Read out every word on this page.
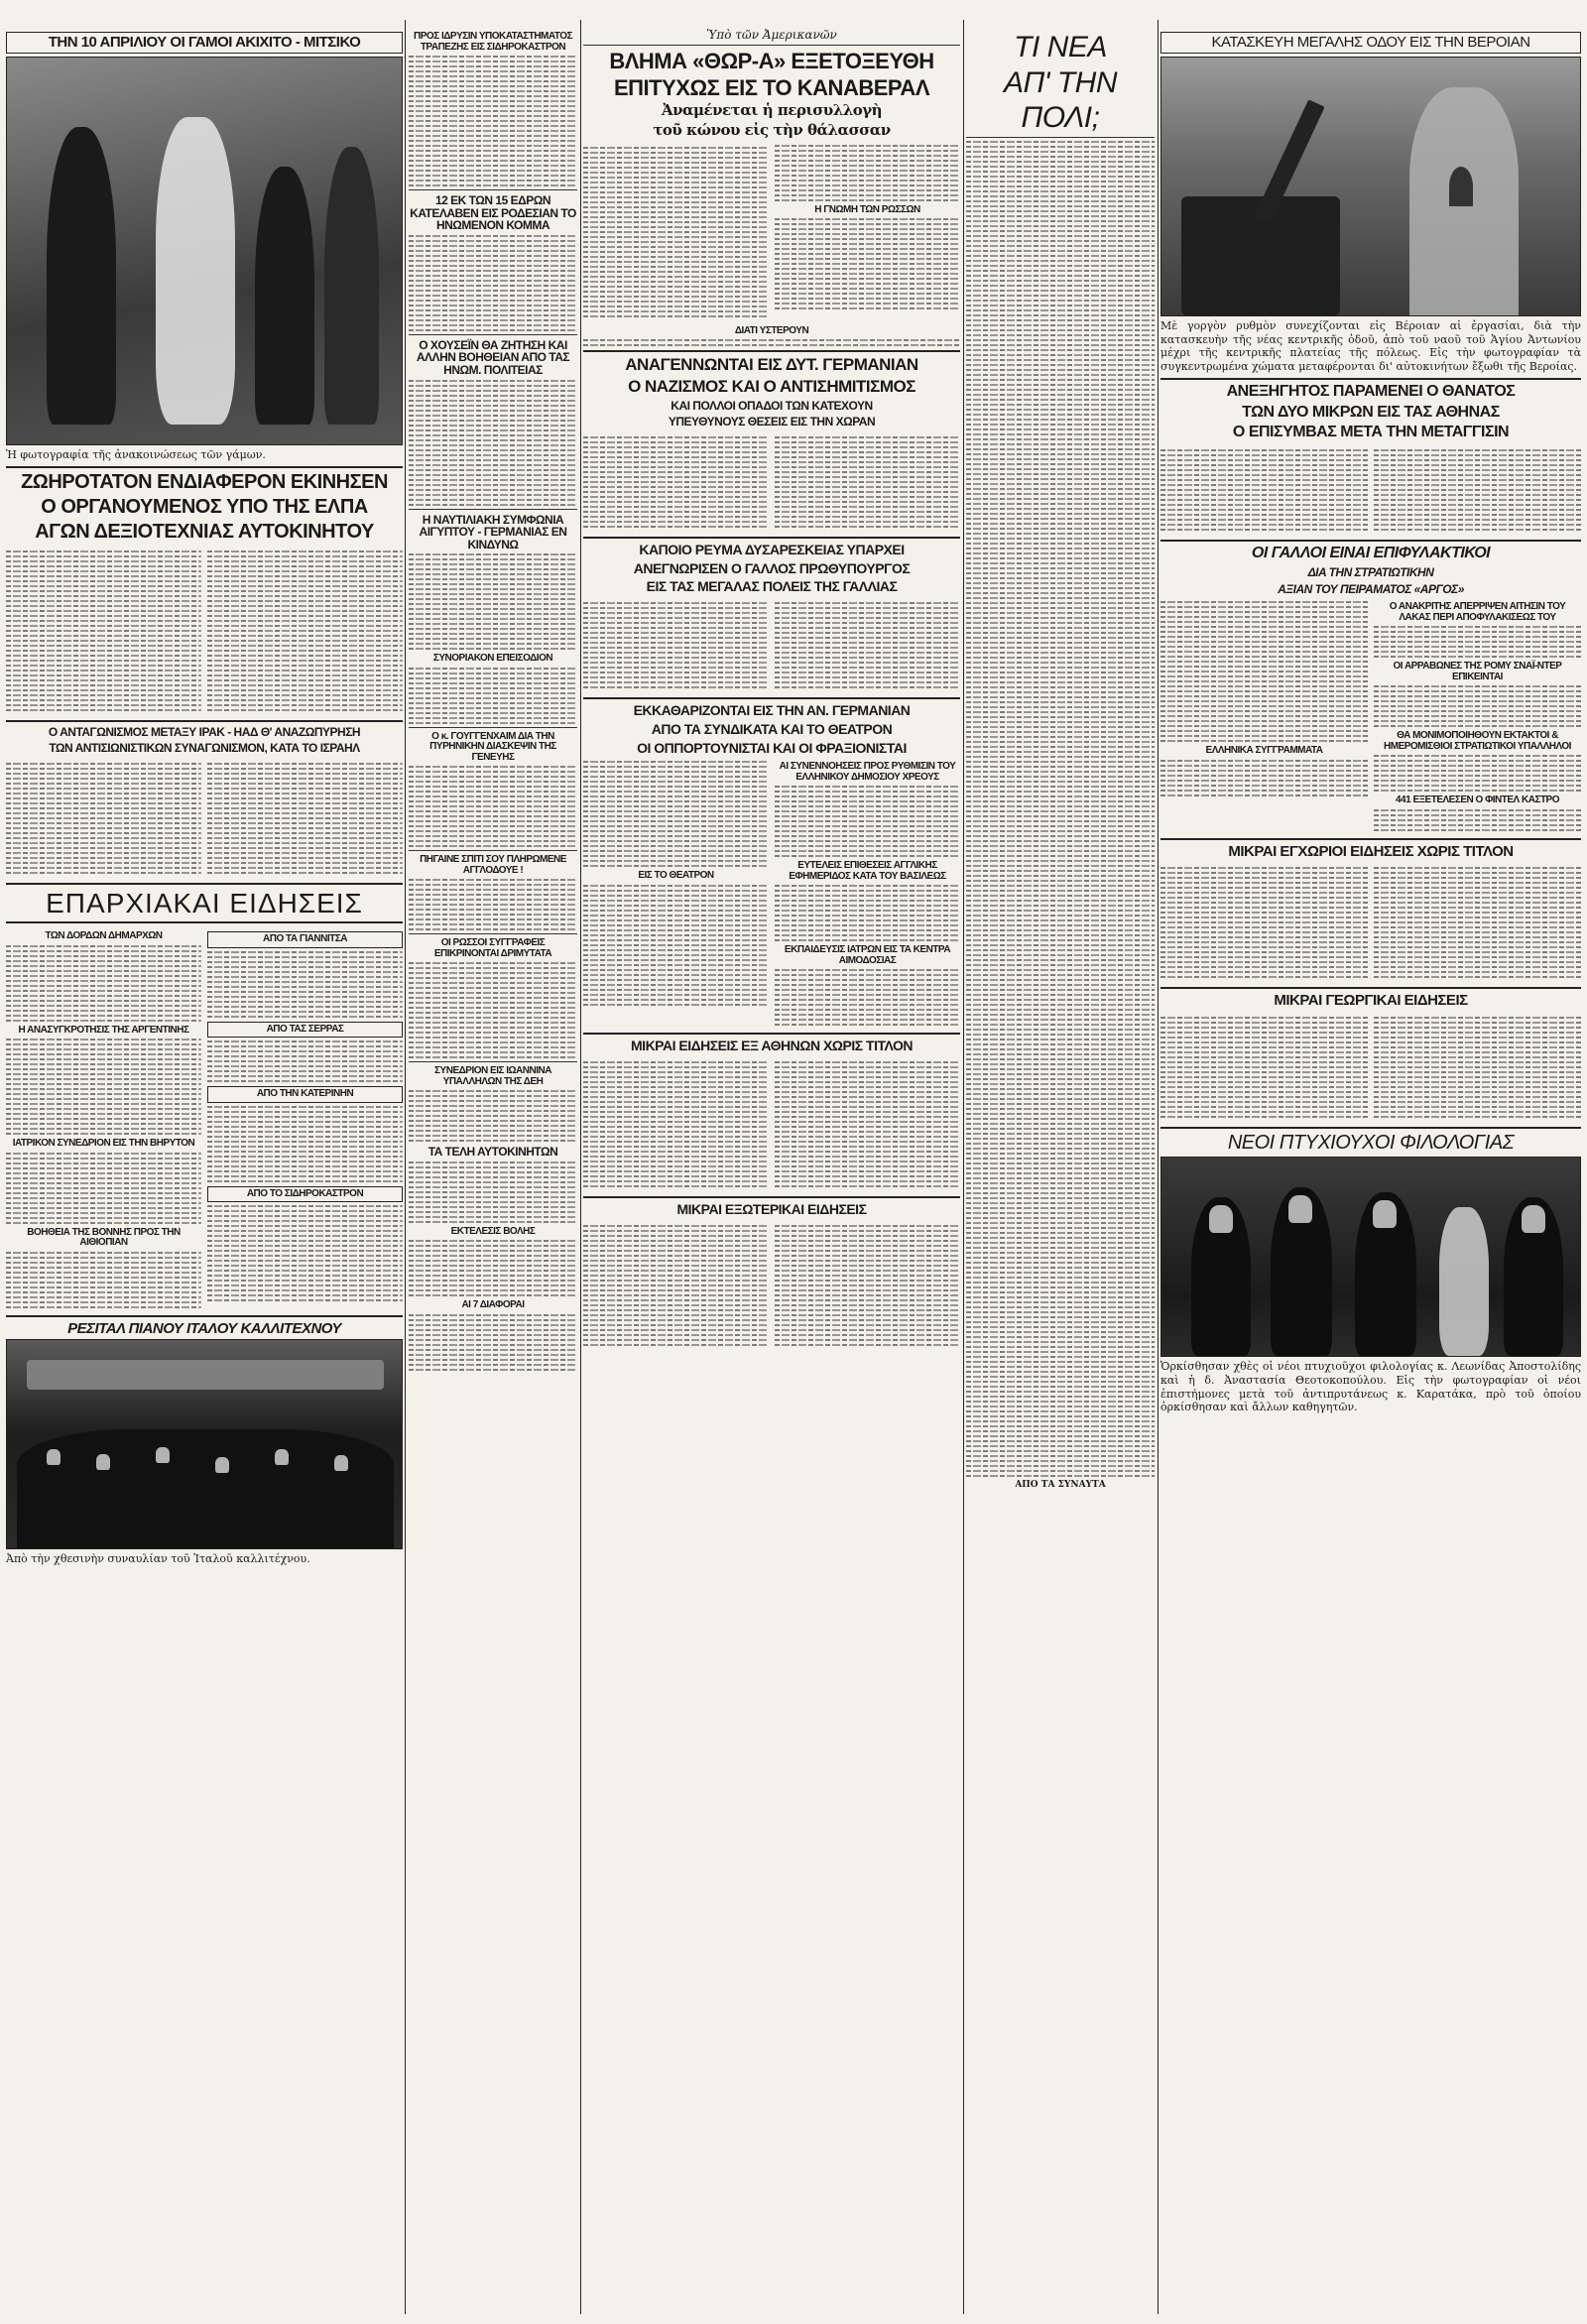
ΤΗΝ 10 ΑΠΡΙΛΙΟΥ ΟΙ ΓΑΜΟΙ ΑΚΙΧΙΤΟ - ΜΙΤΣΙΚΟ
Ἡ φωτογραφία τῆς ἀνακοινώσεως τῶν γάμων.
ΖΩΗΡΟΤΑΤΟΝ ΕΝΔΙΑΦΕΡΟΝ ΕΚΙΝΗΣΕΝ
Ο ΟΡΓΑΝΟΥΜΕΝΟΣ ΥΠΟ ΤΗΣ ΕΛΠΑ
ΑΓΩΝ ΔΕΞΙΟΤΕΧΝΙΑΣ ΑΥΤΟΚΙΝΗΤΟΥ
Ο ΑΝΤΑΓΩΝΙΣΜΟΣ ΜΕΤΑΞΥ ΙΡΑΚ - ΗΑΔ Θ' ΑΝΑΖΩΠΥΡΗΣΗ
ΤΩΝ ΑΝΤΙΣΙΩΝΙΣΤΙΚΩΝ ΣΥΝΑΓΩΝΙΣΜΟΝ, ΚΑΤΑ ΤΟ ΙΣΡΑΗΛ
ΕΠΑΡΧΙΑΚΑΙ ΕΙΔΗΣΕΙΣ
ΤΩΝ ΔΟΡΔΩΝ ΔΗΜΑΡΧΩΝ
Η ΑΝΑΣΥΓΚΡΟΤΗΣΙΣ ΤΗΣ ΑΡΓΕΝΤΙΝΗΣ
ΙΑΤΡΙΚΟΝ ΣΥΝΕΔΡΙΟΝ ΕΙΣ ΤΗΝ ΒΗΡΥΤΟΝ
ΒΟΗΘΕΙΑ ΤΗΣ ΒΟΝΝΗΣ ΠΡΟΣ ΤΗΝ ΑΙΘΙΟΠΙΑΝ
ΑΠΟ ΤΑ ΓΙΑΝΝΙΤΣΑ
ΑΠΟ ΤΑΣ ΣΕΡΡΑΣ
ΑΠΟ ΤΗΝ ΚΑΤΕΡΙΝΗΝ
ΑΠΟ ΤΟ ΣΙΔΗΡΟΚΑΣΤΡΟΝ
ΡΕΣΙΤΑΛ ΠΙΑΝΟΥ ΙΤΑΛΟΥ ΚΑΛΛΙΤΕΧΝΟΥ
Ἀπὸ τὴν χθεσινὴν συναυλίαν τοῦ Ἰταλοῦ καλλιτέχνου.
ΠΡΟΣ ΙΔΡΥΣΙΝ ΥΠΟΚΑΤΑΣΤΗΜΑΤΟΣ ΤΡΑΠΕΖΗΣ ΕΙΣ ΣΙΔΗΡΟΚΑΣΤΡΟΝ
12 ΕΚ ΤΩΝ 15 ΕΔΡΩΝ ΚΑΤΕΛΑΒΕΝ ΕΙΣ ΡΟΔΕΣΙΑΝ ΤΟ ΗΝΩΜΕΝΟΝ ΚΟΜΜΑ
Ο ΧΟΥΣΕΪΝ ΘΑ ΖΗΤΗΣΗ ΚΑΙ ΑΛΛΗΝ ΒΟΗΘΕΙΑΝ ΑΠΟ ΤΑΣ ΗΝΩΜ. ΠΟΛΙΤΕΙΑΣ
Η ΝΑΥΤΙΛΙΑΚΗ ΣΥΜΦΩΝΙΑ ΑΙΓΥΠΤΟΥ - ΓΕΡΜΑΝΙΑΣ ΕΝ ΚΙΝΔΥΝΩ
ΣΥΝΟΡΙΑΚΟΝ ΕΠΕΙΣΟΔΙΟΝ
Ο κ. ΓΟΥΓΓΕΝΧΑΙΜ ΔΙΑ ΤΗΝ ΠΥΡΗΝΙΚΗΝ ΔΙΑΣΚΕΨΙΝ ΤΗΣ ΓΕΝΕΥΗΣ
ΠΗΓΑΙΝΕ ΣΠΙΤΙ ΣΟΥ ΠΛΗΡΩΜΕΝΕ ΑΓΓΛΟΔΟΥΕ !
ΟΙ ΡΩΣΣΟΙ ΣΥΓΓΡΑΦΕΙΣ ΕΠΙΚΡΙΝΟΝΤΑΙ ΔΡΙΜΥΤΑΤΑ
ΣΥΝΕΔΡΙΟΝ ΕΙΣ ΙΩΑΝΝΙΝΑ ΥΠΑΛΛΗΛΩΝ ΤΗΣ ΔΕΗ
ΤΑ ΤΕΛΗ ΑΥΤΟΚΙΝΗΤΩΝ
ΕΚΤΕΛΕΣΙΣ ΒΟΛΗΣ
ΑΙ 7 ΔΙΑΦΟΡΑΙ
Ὑπὸ τῶν Ἀμερικανῶν
ΒΛΗΜΑ «ΘΩΡ-Α» ΕΞΕΤΟΞΕΥΘΗ
ΕΠΙΤΥΧΩΣ ΕΙΣ ΤΟ ΚΑΝΑΒΕΡΑΛ
Ἀναμένεται ἡ περισυλλογὴ
τοῦ κώνου εἰς τὴν θάλασσαν
Η ΓΝΩΜΗ ΤΩΝ ΡΩΣΣΩΝ
ΔΙΑΤΙ ΥΣΤΕΡΟΥΝ
ΑΝΑΓΕΝΝΩΝΤΑΙ ΕΙΣ ΔΥΤ. ΓΕΡΜΑΝΙΑΝ
Ο ΝΑΖΙΣΜΟΣ ΚΑΙ Ο ΑΝΤΙΣΗΜΙΤΙΣΜΟΣ
ΚΑΙ ΠΟΛΛΟΙ ΟΠΑΔΟΙ ΤΩΝ ΚΑΤΕΧΟΥΝ
ΥΠΕΥΘΥΝΟΥΣ ΘΕΣΕΙΣ ΕΙΣ ΤΗΝ ΧΩΡΑΝ
ΚΑΠΟΙΟ ΡΕΥΜΑ ΔΥΣΑΡΕΣΚΕΙΑΣ ΥΠΑΡΧΕΙ
ΑΝΕΓΝΩΡΙΣΕΝ Ο ΓΑΛΛΟΣ ΠΡΩΘΥΠΟΥΡΓΟΣ
ΕΙΣ ΤΑΣ ΜΕΓΑΛΑΣ ΠΟΛΕΙΣ ΤΗΣ ΓΑΛΛΙΑΣ
ΕΚΚΑΘΑΡΙΖΟΝΤΑΙ ΕΙΣ ΤΗΝ ΑΝ. ΓΕΡΜΑΝΙΑΝ
ΑΠΟ ΤΑ ΣΥΝΔΙΚΑΤΑ ΚΑΙ ΤΟ ΘΕΑΤΡΟΝ
ΟΙ ΟΠΠΟΡΤΟΥΝΙΣΤΑΙ ΚΑΙ ΟΙ ΦΡΑΞΙΟΝΙΣΤΑΙ
ΕΙΣ ΤΟ ΘΕΑΤΡΟΝ
ΑΙ ΣΥΝΕΝΝΟΗΣΕΙΣ ΠΡΟΣ ΡΥΘΜΙΣΙΝ ΤΟΥ ΕΛΛΗΝΙΚΟΥ ΔΗΜΟΣΙΟΥ ΧΡΕΟΥΣ
ΕΥΤΕΛΕΙΣ ΕΠΙΘΕΣΕΙΣ ΑΓΓΛΙΚΗΣ ΕΦΗΜΕΡΙΔΟΣ ΚΑΤΑ ΤΟΥ ΒΑΣΙΛΕΩΣ
ΕΚΠΑΙΔΕΥΣΙΣ ΙΑΤΡΩΝ ΕΙΣ ΤΑ ΚΕΝΤΡΑ ΑΙΜΟΔΟΣΙΑΣ
ΜΙΚΡΑΙ ΕΙΔΗΣΕΙΣ ΕΞ ΑΘΗΝΩΝ ΧΩΡΙΣ ΤΙΤΛΟΝ
ΜΙΚΡΑΙ ΕΞΩΤΕΡΙΚΑΙ ΕΙΔΗΣΕΙΣ
ΤΙ ΝΕΑ
ΑΠ' ΤΗΝ
ΠΟΛΙ;
ΑΠΟ ΤΑ ΣΥΝΑΥΤΑ
ΚΑΤΑΣΚΕΥΗ ΜΕΓΑΛΗΣ ΟΔΟΥ ΕΙΣ ΤΗΝ ΒΕΡΟΙΑΝ
Μὲ γοργὸν ρυθμὸν συνεχίζονται εἰς Βέροιαν αἱ ἐργασίαι, διὰ τὴν κατασκευὴν τῆς νέας κεντρικῆς ὁδοῦ, ἀπὸ τοῦ ναοῦ τοῦ Ἁγίου Ἀντωνίου μέχρι τῆς κεντρικῆς πλατείας τῆς πόλεως. Εἰς τὴν φωτογραφίαν τὰ συγκεντρωμένα χώματα μεταφέρονται δι' αὐτοκινήτων ἔξωθι τῆς Βεροίας.
ΑΝΕΞΗΓΗΤΟΣ ΠΑΡΑΜΕΝΕΙ Ο ΘΑΝΑΤΟΣ
ΤΩΝ ΔΥΟ ΜΙΚΡΩΝ ΕΙΣ ΤΑΣ ΑΘΗΝΑΣ
Ο ΕΠΙΣΥΜΒΑΣ ΜΕΤΑ ΤΗΝ ΜΕΤΑΓΓΙΣΙΝ
ΟΙ ΓΑΛΛΟΙ ΕΙΝΑΙ ΕΠΙΦΥΛΑΚΤΙΚΟΙ
ΔΙΑ ΤΗΝ ΣΤΡΑΤΙΩΤΙΚΗΝ
ΑΞΙΑΝ ΤΟΥ ΠΕΙΡΑΜΑΤΟΣ «ΑΡΓΟΣ»
ΕΛΛΗΝΙΚΑ ΣΥΓΓΡΑΜΜΑΤΑ
Ο ΑΝΑΚΡΙΤΗΣ ΑΠΕΡΡΙΨΕΝ ΑΙΤΗΣΙΝ ΤΟΥ ΛΑΚΑΣ ΠΕΡΙ ΑΠΟΦΥΛΑΚΙΣΕΩΣ ΤΟΥ
ΟΙ ΑΡΡΑΒΩΝΕΣ ΤΗΣ ΡΟΜΥ ΣΝΑΪ-ΝΤΕΡ ΕΠΙΚΕΙΝΤΑΙ
ΘΑ ΜΟΝΙΜΟΠΟΙΗΘΟΥΝ ΕΚΤΑΚΤΟΙ & ΗΜΕΡΟΜΙΣΘΙΟΙ ΣΤΡΑΤΙΩΤΙΚΟΙ ΥΠΑΛΛΗΛΟΙ
441 ΕΞΕΤΕΛΕΣΕΝ Ο ΦΙΝΤΕΛ ΚΑΣΤΡΟ
ΜΙΚΡΑΙ ΕΓΧΩΡΙΟΙ ΕΙΔΗΣΕΙΣ ΧΩΡΙΣ ΤΙΤΛΟΝ
ΜΙΚΡΑΙ ΓΕΩΡΓΙΚΑΙ ΕΙΔΗΣΕΙΣ
ΝΕΟΙ ΠΤΥΧΙΟΥΧΟΙ ΦΙΛΟΛΟΓΙΑΣ
Ὁρκίσθησαν χθὲς οἱ νέοι πτυχιοῦχοι φιλολογίας κ. Λεωνίδας Ἀποστολίδης καὶ ἡ δ. Ἀναστασία Θεοτοκοπούλου. Εἰς τὴν φωτογραφίαν οἱ νέοι ἐπιστήμονες μετὰ τοῦ ἀντιπρυτάνεως κ. Καρατάκα, πρὸ τοῦ ὁποίου ὁρκίσθησαν καὶ ἄλλων καθηγητῶν.
